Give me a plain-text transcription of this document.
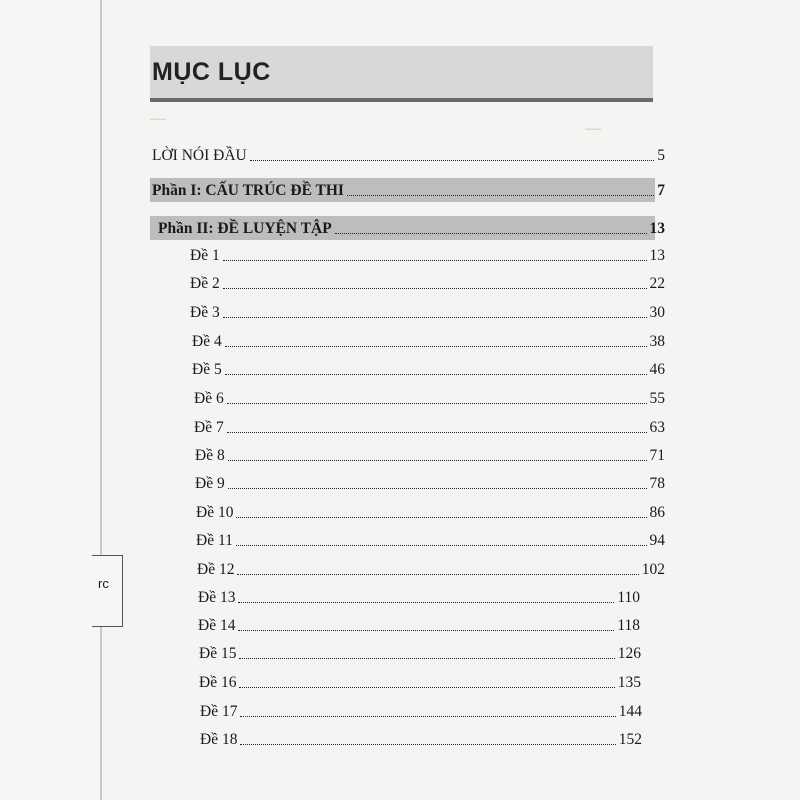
—
—
rc
MỤC LỤC
LỜI NÓI ĐẦU	5
Phần I: CẤU TRÚC ĐỀ THI	7
Phần II: ĐỀ LUYỆN TẬP	13
Đề 1	13
Đề 2	22
Đề 3	30
Đề 4	38
Đề 5	46
Đề 6	55
Đề 7	63
Đề 8	71
Đề 9	78
Đề 10	86
Đề 11	94
Đề 12	102
Đề 13	110
Đề 14	118
Đề 15	126
Đề 16	135
Đề 17	144
Đề 18	152
